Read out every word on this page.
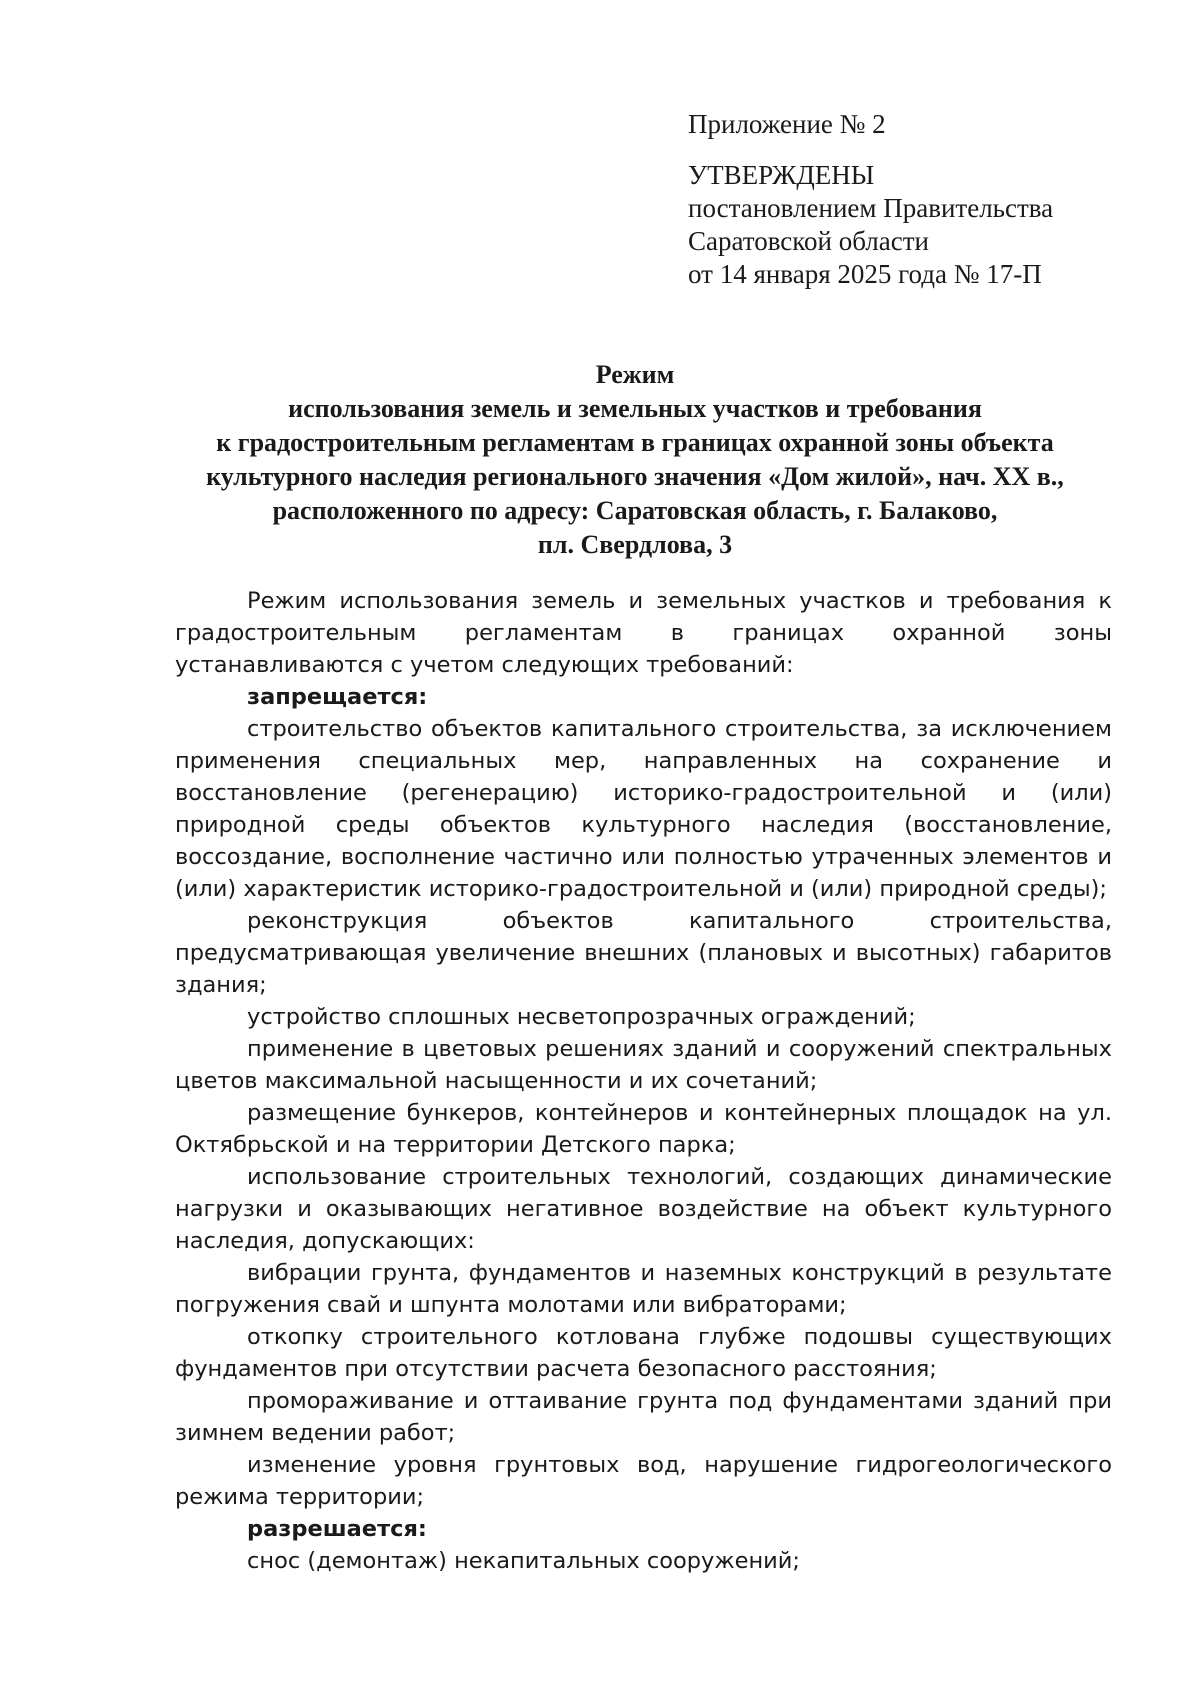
Приложение № 2

УТВЕРЖДЕНЫ

постановлением Правительства

Саратовской области

от 14 января 2025 года № 17-П

Режим
использования земель и земельных участков и требования
к градостроительным регламентам в границах охранной зоны объекта
культурного наследия регионального значения «Дом жилой», нач. XX в.,
расположенного по адресу: Саратовская область, г. Балаково,
пл. Свердлова, 3

Режим использования земель и земельных участков и требования к градостроительным регламентам в границах охранной зоны устанавливаются с учетом следующих требований:

запрещается:

строительство объектов капитального строительства, за исключением применения специальных мер, направленных на сохранение и восстановление (регенерацию) историко-градостроительной и (или) природной среды объектов культурного наследия (восстановление, воссоздание, восполнение частично или полностью утраченных элементов и (или) характеристик историко-градостроительной и (или) природной среды);

реконструкция объектов капитального строительства, предусматривающая увеличение внешних (плановых и высотных) габаритов здания;

устройство сплошных несветопрозрачных ограждений;

применение в цветовых решениях зданий и сооружений спектральных цветов максимальной насыщенности и их сочетаний;

размещение бункеров, контейнеров и контейнерных площадок на ул. Октябрьской и на территории Детского парка;

использование строительных технологий, создающих динамические нагрузки и оказывающих негативное воздействие на объект культурного наследия, допускающих:

вибрации грунта, фундаментов и наземных конструкций в результате погружения свай и шпунта молотами или вибраторами;

откопку строительного котлована глубже подошвы существующих фундаментов при отсутствии расчета безопасного расстояния;

промораживание и оттаивание грунта под фундаментами зданий при зимнем ведении работ;

изменение уровня грунтовых вод, нарушение гидрогеологического режима территории;

разрешается:

снос (демонтаж) некапитальных сооружений;
